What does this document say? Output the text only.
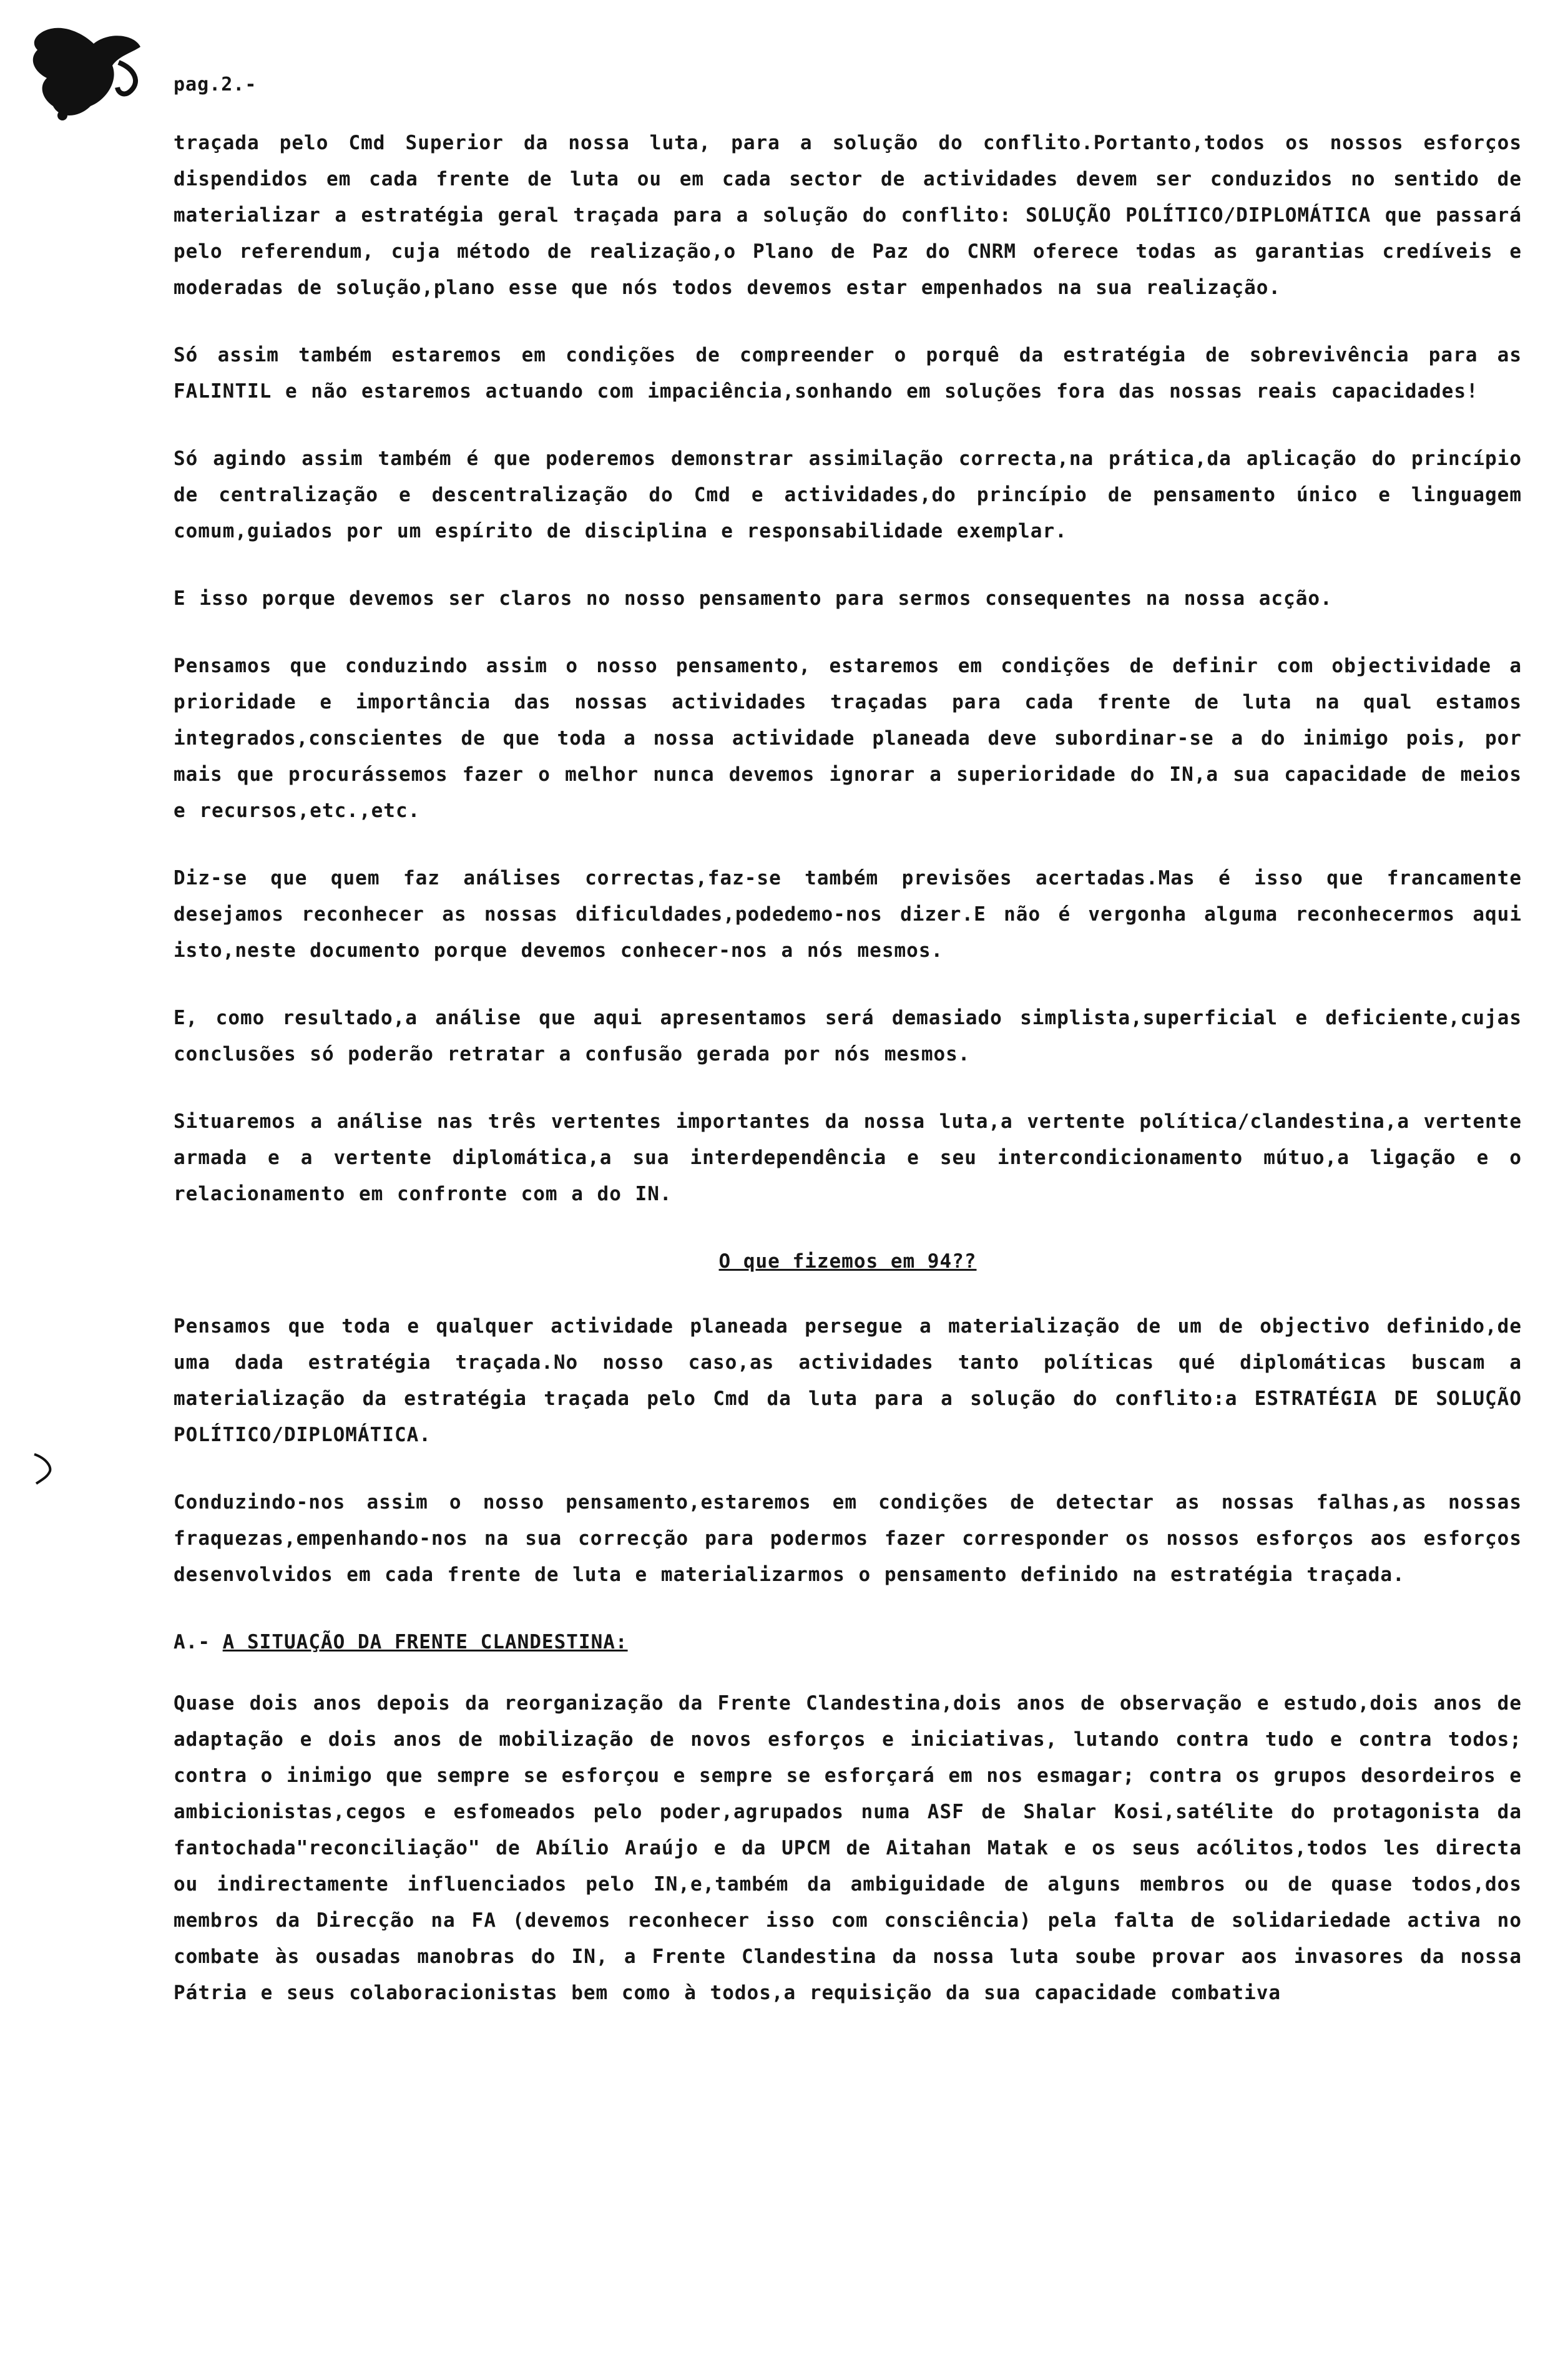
pag.2.-

traçada pelo Cmd Superior da nossa luta, para a solução do conflito.Portanto,todos os nossos esforços dispendidos em cada frente de luta ou em cada sector de actividades devem ser conduzidos no sentido de materializar a estratégia geral traçada para a solução do conflito: SOLUÇÃO POLÍTICO/DIPLOMÁTICA que passará pelo referendum, cuja método de realização,o Plano de Paz do CNRM oferece todas as garantias credíveis e moderadas de solução,plano esse que nós todos devemos estar empenhados na sua realização.

Só assim também estaremos em condições de compreender o porquê da estratégia de sobrevivência para as FALINTIL e não estaremos actuando com impaciência,sonhando em soluções fora das nossas reais capacidades!

Só agindo assim também é que poderemos demonstrar assimilação correcta,na prática,da aplicação do princípio de centralização e descentralização do Cmd e actividades,do princípio de pensamento único e linguagem comum,guiados por um espírito de disciplina e responsabilidade exemplar.

E isso porque devemos ser claros no nosso pensamento para sermos consequentes na nossa acção.

Pensamos que conduzindo assim o nosso pensamento, estaremos em condições de definir com objectividade a prioridade e importância das nossas actividades traçadas para cada frente de luta na qual estamos integrados,conscientes de que toda a nossa actividade planeada deve subordinar-se a do inimigo pois, por mais que procurássemos fazer o melhor nunca devemos ignorar a superioridade do IN,a sua capacidade de meios e recursos,etc.,etc.

Diz-se que quem faz análises correctas,faz-se também previsões acertadas.Mas é isso que francamente desejamos reconhecer as nossas dificuldades,podedemo-nos dizer.E não é vergonha alguma reconhecermos aqui isto,neste documento porque devemos conhecer-nos a nós mesmos.

E, como resultado,a análise que aqui apresentamos será demasiado simplista,superficial e deficiente,cujas conclusões só poderão retratar a confusão gerada por nós mesmos.

Situaremos a análise nas três vertentes importantes da nossa luta,a vertente política/clandestina,a vertente armada e a vertente diplomática,a sua interdependência e seu intercondicionamento mútuo,a ligação e o relacionamento em confronte com a do IN.

O que fizemos em 94??

Pensamos que toda e qualquer actividade planeada persegue a materialização de um de objectivo definido,de uma dada estratégia traçada.No nosso caso,as actividades tanto políticas qué diplomáticas buscam a materialização da estratégia traçada pelo Cmd da luta para a solução do conflito:a ESTRATÉGIA DE SOLUÇÃO POLÍTICO/DIPLOMÁTICA.

Conduzindo-nos assim o nosso pensamento,estaremos em condições de detectar as nossas falhas,as nossas fraquezas,empenhando-nos na sua correcção para podermos fazer corresponder os nossos esforços aos esforços desenvolvidos em cada frente de luta e materializarmos o pensamento definido na estratégia traçada.

A.- A SITUAÇÃO DA FRENTE CLANDESTINA:

Quase dois anos depois da reorganização da Frente Clandestina,dois anos de observação e estudo,dois anos de adaptação e dois anos de mobilização de novos esforços e iniciativas, lutando contra tudo e contra todos; contra o inimigo que sempre se esforçou e sempre se esforçará em nos esmagar; contra os grupos desordeiros e ambicionistas,cegos e esfomeados pelo poder,agrupados numa ASF de Shalar Kosi,satélite do protagonista da fantochada"reconciliação" de Abílio Araújo e da UPCM de Aitahan Matak e os seus acólitos,todos les directa ou indirectamente influenciados pelo IN,e,também da ambiguidade de alguns membros ou de quase todos,dos membros da Direcção na FA (devemos reconhecer isso com consciência) pela falta de solidariedade activa no combate às ousadas manobras do IN, a Frente Clandestina da nossa luta soube provar aos invasores da nossa Pátria e seus colaboracionistas bem como à todos,a requisição da sua capacidade combativa
